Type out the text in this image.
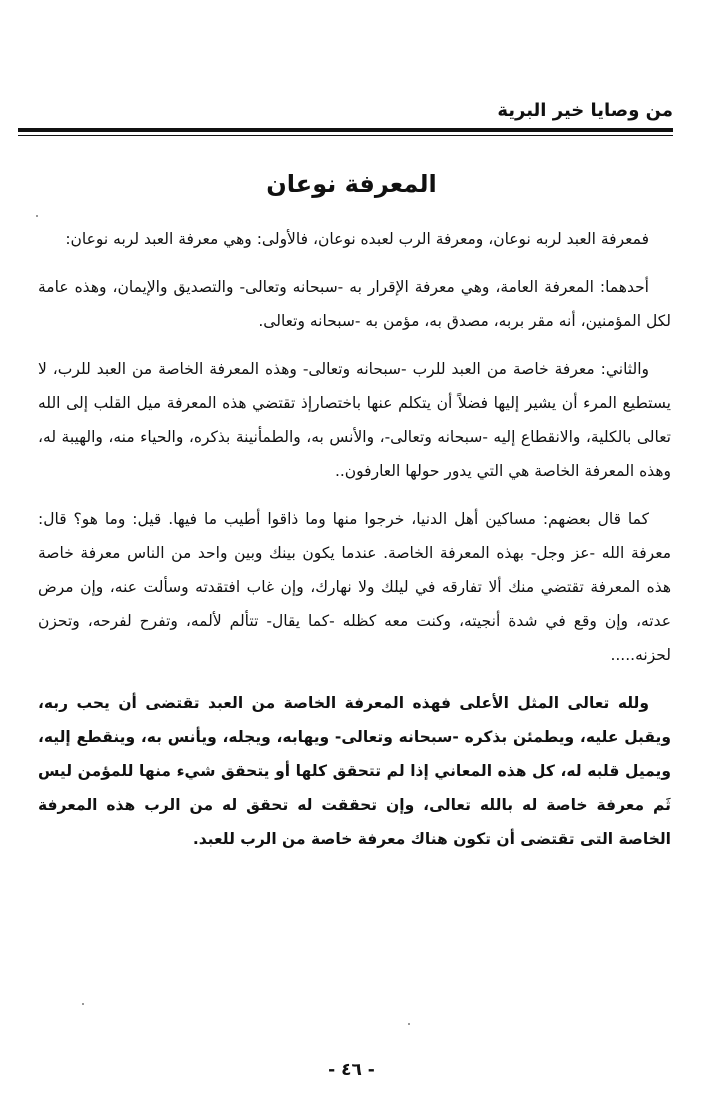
من وصايا خير البرية
المعرفة نوعان

فمعرفة العبد لربه نوعان، ومعرفة الرب لعبده نوعان، فالأولى: وهي معرفة العبد لربه نوعان:

أحدهما: المعرفة العامة، وهي معرفة الإقرار به -سبحانه وتعالى- والتصديق والإيمان، وهذه عامة لكل المؤمنين، أنه مقر بربه، مصدق به، مؤمن به -سبحانه وتعالى.

والثاني: معرفة خاصة من العبد للرب -سبحانه وتعالى- وهذه المعرفة الخاصة من العبد للرب، لا يستطيع المرء أن يشير إليها فضلاً أن يتكلم عنها باختصارإذ تقتضي هذه المعرفة ميل القلب إلى الله تعالى بالكلية، والانقطاع إليه -سبحانه وتعالى-، والأنس به، والطمأنينة بذكره، والحياء منه، والهيبة له، وهذه المعرفة الخاصة هي التي يدور حولها العارفون..

كما قال بعضهم: مساكين أهل الدنيا، خرجوا منها وما ذاقوا أطيب ما فيها. قيل: وما هو؟ قال: معرفة الله -عز وجل- بهذه المعرفة الخاصة. عندما يكون بينك وبين واحد من الناس معرفة خاصة هذه المعرفة تقتضي منك ألا تفارقه في ليلك ولا نهارك، وإن غاب افتقدته وسألت عنه، وإن مرض عدته، وإن وقع في شدة أنجيته، وكنت معه كظله -كما يقال- تتألم لألمه، وتفرح لفرحه، وتحزن لحزنه.....

ولله تعالى المثل الأعلى فهذه المعرفة الخاصة من العبد تقتضى أن يحب ربه، ويقبل عليه، ويطمئن بذكره -سبحانه وتعالى- ويهابه، ويجله، ويأنس به، وينقطع إليه، ويميل قلبه له، كل هذه المعاني إذا لم تتحقق كلها أو يتحقق شيء منها للمؤمن ليس ثَم معرفة خاصة له بالله تعالى، وإن تحققت له تحقق له من الرب هذه المعرفة الخاصة التى تقتضى أن تكون هناك معرفة خاصة من الرب للعبد.

- ٤٦ -
